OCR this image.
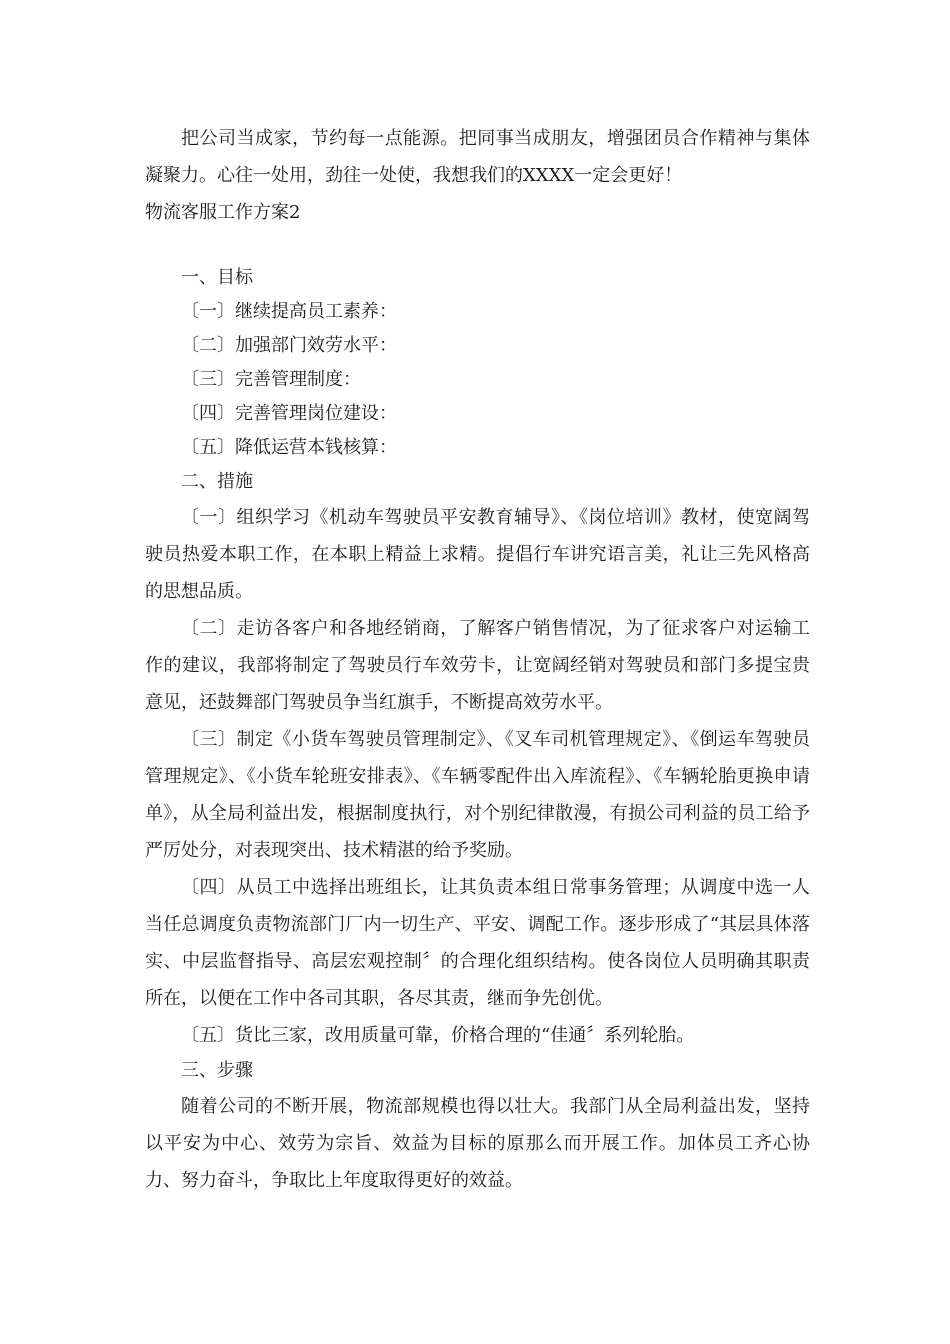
把公司当成家，节约每一点能源。把同事当成朋友，增强团员合作精神与集体凝聚力。心往一处用，劲往一处使，我想我们的XXXX一定会更好！

物流客服工作方案2

一、目标

〔一〕继续提高员工素养：

〔二〕加强部门效劳水平：

〔三〕完善管理制度：

〔四〕完善管理岗位建设：

〔五〕降低运营本钱核算：

二、措施

〔一〕组织学习《机动车驾驶员平安教育辅导》、《岗位培训》教材，使宽阔驾驶员热爱本职工作，在本职上精益上求精。提倡行车讲究语言美，礼让三先风格高的思想品质。

〔二〕走访各客户和各地经销商，了解客户销售情况，为了征求客户对运输工作的建议，我部将制定了驾驶员行车效劳卡，让宽阔经销对驾驶员和部门多提宝贵意见，还鼓舞部门驾驶员争当红旗手，不断提高效劳水平。

〔三〕制定《小货车驾驶员管理制定》、《叉车司机管理规定》、《倒运车驾驶员管理规定》、《小货车轮班安排表》、《车辆零配件出入库流程》、《车辆轮胎更换申请单》，从全局利益出发，根据制度执行，对个别纪律散漫，有损公司利益的员工给予严厉处分，对表现突出、技术精湛的给予奖励。

〔四〕从员工中选择出班组长，让其负责本组日常事务管理；从调度中选一人当任总调度负责物流部门厂内一切生产、平安、调配工作。逐步形成了“其层具体落实、中层监督指导、高层宏观控制〞的合理化组织结构。使各岗位人员明确其职责所在，以便在工作中各司其职，各尽其责，继而争先创优。

〔五〕货比三家，改用质量可靠，价格合理的“佳通〞系列轮胎。

三、步骤

随着公司的不断开展，物流部规模也得以壮大。我部门从全局利益出发，坚持以平安为中心、效劳为宗旨、效益为目标的原那么而开展工作。加体员工齐心协力、努力奋斗，争取比上年度取得更好的效益。
